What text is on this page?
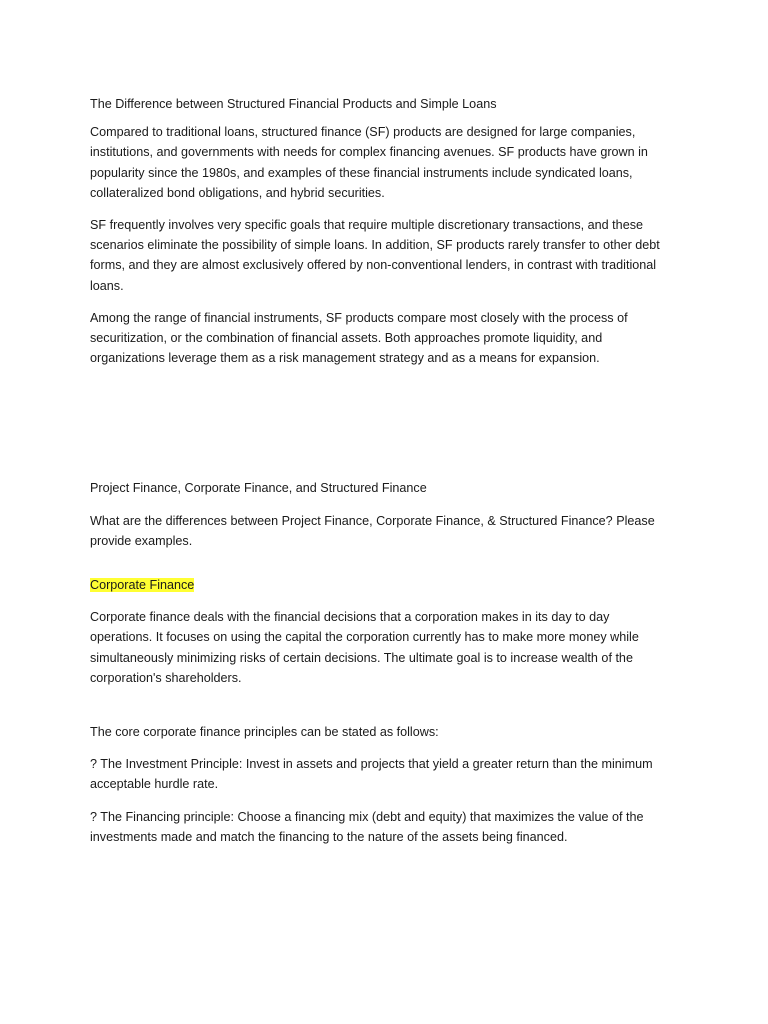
The Difference between Structured Financial Products and Simple Loans

Compared to traditional loans, structured finance (SF) products are designed for large companies, institutions, and governments with needs for complex financing avenues. SF products have grown in popularity since the 1980s, and examples of these financial instruments include syndicated loans, collateralized bond obligations, and hybrid securities.

SF frequently involves very specific goals that require multiple discretionary transactions, and these scenarios eliminate the possibility of simple loans. In addition, SF products rarely transfer to other debt forms, and they are almost exclusively offered by non-conventional lenders, in contrast with traditional loans.

Among the range of financial instruments, SF products compare most closely with the process of securitization, or the combination of financial assets. Both approaches promote liquidity, and organizations leverage them as a risk management strategy and as a means for expansion.

Project Finance, Corporate Finance, and Structured Finance

What are the differences between Project Finance, Corporate Finance, & Structured Finance? Please provide examples.

Corporate Finance

Corporate finance deals with the financial decisions that a corporation makes in its day to day operations. It focuses on using the capital the corporation currently has to make more money while simultaneously minimizing risks of certain decisions. The ultimate goal is to increase wealth of the corporation's shareholders.

The core corporate finance principles can be stated as follows:

? The Investment Principle: Invest in assets and projects that yield a greater return than the minimum acceptable hurdle rate.

? The Financing principle: Choose a financing mix (debt and equity) that maximizes the value of the investments made and match the financing to the nature of the assets being financed.
